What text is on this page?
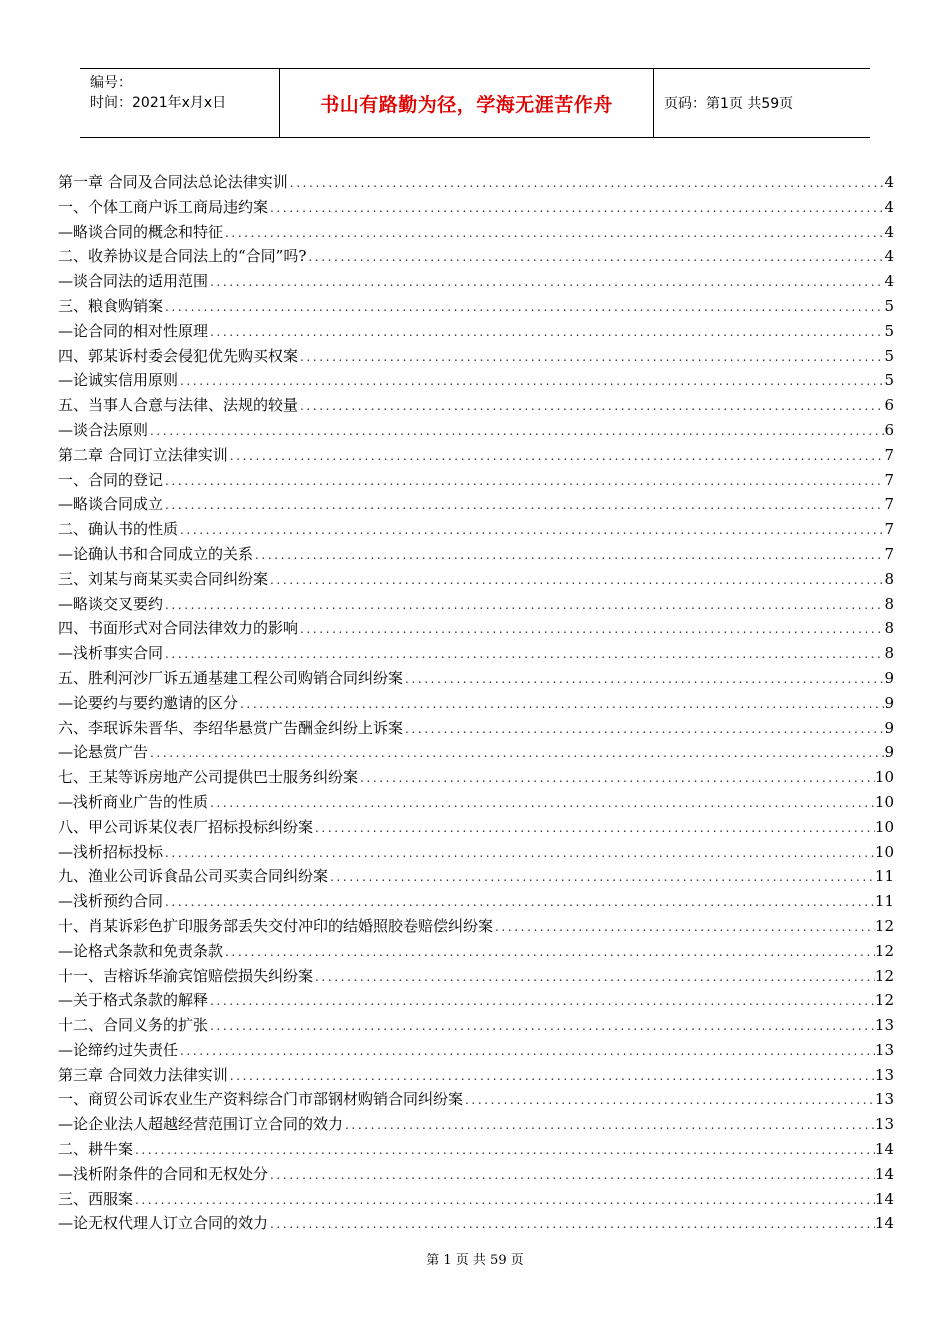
编号：
时间：2021年x月x日	书山有路勤为径，学海无涯苦作舟	页码：第1页 共59页
第一章 合同及合同法总论法律实训 .....	4
一、个体工商户诉工商局违约案 .....	4
—略谈合同的概念和特征 .....	4
二、收养协议是合同法上的“合同”吗? .....	4
—谈合同法的适用范围 .....	4
三、粮食购销案 .....	5
—论合同的相对性原理 .....	5
四、郭某诉村委会侵犯优先购买权案 .....	5
—论诚实信用原则 .....	5
五、当事人合意与法律、法规的较量 .....	6
—谈合法原则 .....	6
第二章 合同订立法律实训 .....	7
一、合同的登记 .....	7
—略谈合同成立 .....	7
二、确认书的性质 .....	7
—论确认书和合同成立的关系 .....	7
三、刘某与商某买卖合同纠纷案 .....	8
—略谈交叉要约 .....	8
四、书面形式对合同法律效力的影响 .....	8
—浅析事实合同 .....	8
五、胜利河沙厂诉五通基建工程公司购销合同纠纷案 .....	9
—论要约与要约邀请的区分 .....	9
六、李珉诉朱晋华、李绍华悬赏广告酬金纠纷上诉案 .....	9
—论悬赏广告 .....	9
七、王某等诉房地产公司提供巴士服务纠纷案 .....	10
—浅析商业广告的性质 .....	10
八、甲公司诉某仪表厂招标投标纠纷案 .....	10
—浅析招标投标 .....	10
九、渔业公司诉食品公司买卖合同纠纷案 .....	11
—浅析预约合同 .....	11
十、肖某诉彩色扩印服务部丢失交付冲印的结婚照胶卷赔偿纠纷案 .....	12
—论格式条款和免责条款 .....	12
十一、吉榕诉华渝宾馆赔偿损失纠纷案 .....	12
—关于格式条款的解释 .....	12
十二、合同义务的扩张 .....	13
—论缔约过失责任 .....	13
第三章 合同效力法律实训 .....	13
一、商贸公司诉农业生产资料综合门市部钢材购销合同纠纷案 .....	13
—论企业法人超越经营范围订立合同的效力 .....	13
二、耕牛案 .....	14
—浅析附条件的合同和无权处分 .....	14
三、西服案 .....	14
—论无权代理人订立合同的效力 .....	14
第 1 页 共 59 页
